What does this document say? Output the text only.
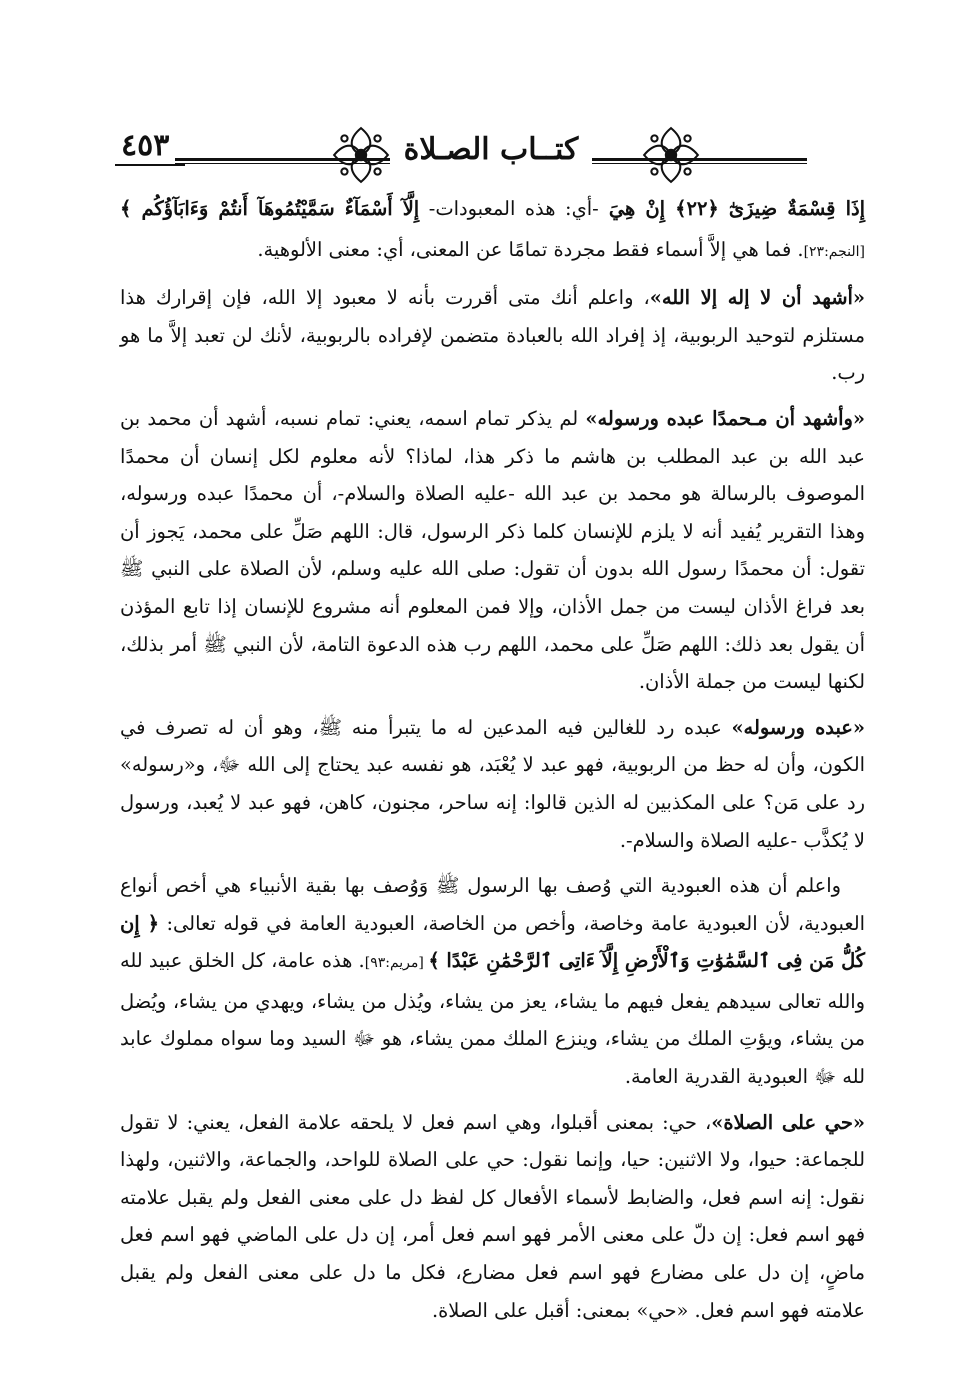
كتــاب الصـلاة
٤٥٣

إِذَا قِسْمَةٌ ضِيزَىٰٓ ﴿٢٢﴾ إِنْ هِيَ -أي: هذه المعبودات- إِلَّآ أَسْمَآءٌ سَمَّيْتُمُوهَآ أَنتُمْ وَءَابَآؤُكُم ﴾ [النجم:٢٣]. فما هي إلاَّ أسماء فقط مجردة تمامًا عن المعنى، أي: معنى الألوهية.

«أشهد أن لا إله إلا الله»، واعلم أنك متى أقررت بأنه لا معبود إلا الله، فإن إقرارك هذا مستلزم لتوحيد الربوبية، إذ إفراد الله بالعبادة متضمن لإفراده بالربوبية، لأنك لن تعبد إلاَّ ما هو رب.

«وأشهد أن مـحمدًا عبده ورسوله» لم يذكر تمام اسمه، يعني: تمام نسبه، أشهد أن محمد بن عبد الله بن عبد المطلب بن هاشم ما ذكر هذا، لماذا؟ لأنه معلوم لكل إنسان أن محمدًا الموصوف بالرسالة هو محمد بن عبد الله -عليه الصلاة والسلام-، أن محمدًا عبده ورسوله، وهذا التقرير يُفيد أنه لا يلزم للإنسان كلما ذكر الرسول، قال: اللهم صَلِّ على محمد، يَجوز أن تقول: أن محمدًا رسول الله بدون أن تقول: صلى الله عليه وسلم، لأن الصلاة على النبي ﷺ بعد فراغ الأذان ليست من جمل الأذان، وإلا فمن المعلوم أنه مشروع للإنسان إذا تابع المؤذن أن يقول بعد ذلك: اللهم صَلِّ على محمد، اللهم رب هذه الدعوة التامة، لأن النبي ﷺ أمر بذلك، لكنها ليست من جملة الأذان.

«عبده ورسوله» عبده رد للغالين فيه المدعين له ما يتبرأ منه ﷺ، وهو أن له تصرف في الكون، وأن له حظ من الربوبية، فهو عبد لا يُعْبَد، هو نفسه عبد يحتاج إلى الله ﷻ، و«رسوله» رد على مَن؟ على المكذبين له الذين قالوا: إنه ساحر، مجنون، كاهن، فهو عبد لا يُعبد، ورسول لا يُكذَّب -عليه الصلاة والسلام-.

واعلم أن هذه العبودية التي وُصف بها الرسول ﷺ وَوُصف بها بقية الأنبياء هي أخص أنواع العبودية، لأن العبودية عامة وخاصة، وأخص من الخاصة، العبودية العامة في قوله تعالى: ﴿ إِن كُلُّ مَن فِى ٱلسَّمَٰوَٰتِ وَٱلْأَرْضِ إِلَّآ ءَاتِى ٱلرَّحْمَٰنِ عَبْدًا ﴾ [مريم:٩٣]. هذه عامة، كل الخلق عبيد لله والله تعالى سيدهم يفعل فيهم ما يشاء، يعز من يشاء، ويُذل من يشاء، ويهدي من يشاء، ويُضل من يشاء، ويؤتِ الملك من يشاء، وينزع الملك ممن يشاء، هو ﷻ السيد وما سواه مملوك عابد لله ﷻ العبودية القدرية العامة.

«حي على الصلاة»، حي: بمعنى أقبلوا، وهي اسم فعل لا يلحقه علامة الفعل، يعني: لا تقول للجماعة: حيوا، ولا الاثنين: حيا، وإنما نقول: حي على الصلاة للواحد، والجماعة، والاثنين، ولهذا نقول: إنه اسم فعل، والضابط لأسماء الأفعال كل لفظ دل على معنى الفعل ولم يقبل علامته فهو اسم فعل: إن دلّ على معنى الأمر فهو اسم فعل أمر، إن دل على الماضي فهو اسم فعل ماضٍ، إن دل على مضارع فهو اسم فعل مضارع، فكل ما دل على معنى الفعل ولم يقبل علامته فهو اسم فعل. «حي» بمعنى: أقبل على الصلاة.
